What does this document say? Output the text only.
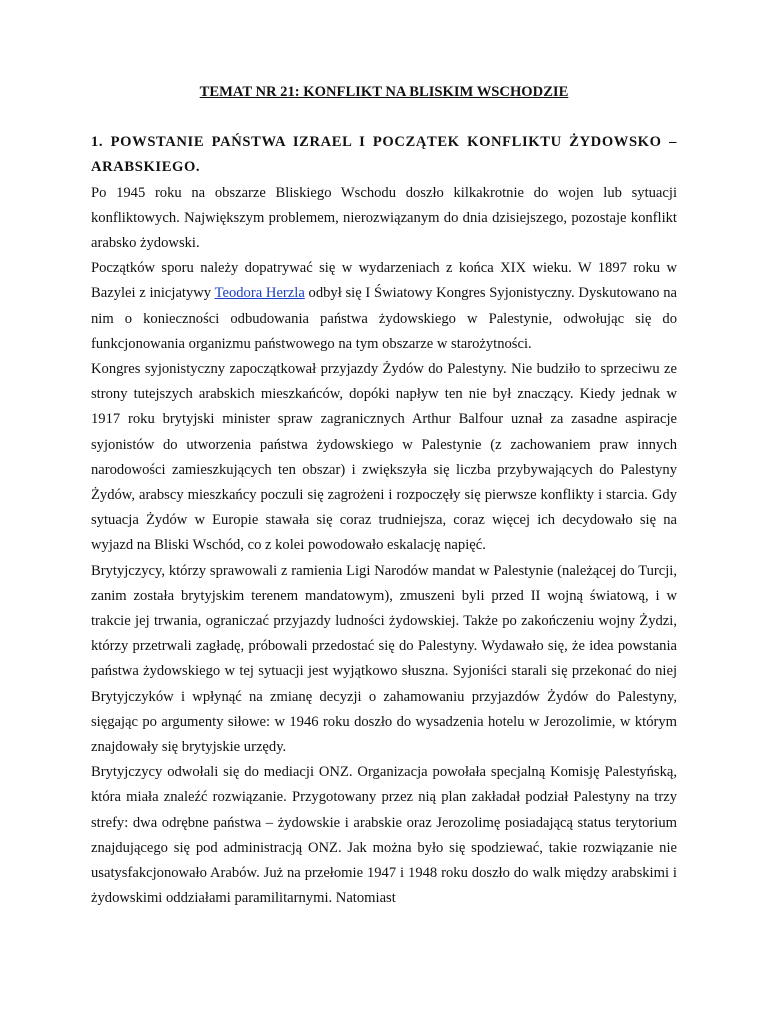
TEMAT NR 21: KONFLIKT NA BLISKIM WSCHODZIE
1. POWSTANIE PAŃSTWA IZRAEL I POCZĄTEK KONFLIKTU ŻYDOWSKO – ARABSKIEGO.

Po 1945 roku na obszarze Bliskiego Wschodu doszło kilkakrotnie do wojen lub sytuacji konfliktowych. Największym problemem, nierozwiązanym do dnia dzisiejszego, pozostaje konflikt arabsko żydowski.

Początków sporu należy dopatrywać się w wydarzeniach z końca XIX wieku. W 1897 roku w Bazylei z inicjatywy Teodora Herzla odbył się I Światowy Kongres Syjonistyczny. Dyskutowano na nim o konieczności odbudowania państwa żydowskiego w Palestynie, odwołując się do funkcjonowania organizmu państwowego na tym obszarze w starożytności.

Kongres syjonistyczny zapoczątkował przyjazdy Żydów do Palestyny. Nie budziło to sprzeciwu ze strony tutejszych arabskich mieszkańców, dopóki napływ ten nie był znaczący. Kiedy jednak w 1917 roku brytyjski minister spraw zagranicznych Arthur Balfour uznał za zasadne aspiracje syjonistów do utworzenia państwa żydowskiego w Palestynie (z zachowaniem praw innych narodowości zamieszkujących ten obszar) i zwiększyła się liczba przybywających do Palestyny Żydów, arabscy mieszkańcy poczuli się zagrożeni i rozpoczęły się pierwsze konflikty i starcia. Gdy sytuacja Żydów w Europie stawała się coraz trudniejsza, coraz więcej ich decydowało się na wyjazd na Bliski Wschód, co z kolei powodowało eskalację napięć.

Brytyjczycy, którzy sprawowali z ramienia Ligi Narodów mandat w Palestynie (należącej do Turcji, zanim została brytyjskim terenem mandatowym), zmuszeni byli przed II wojną światową, i w trakcie jej trwania, ograniczać przyjazdy ludności żydowskiej. Także po zakończeniu wojny Żydzi, którzy przetrwali zagładę, próbowali przedostać się do Palestyny. Wydawało się, że idea powstania państwa żydowskiego w tej sytuacji jest wyjątkowo słuszna. Syjoniści starali się przekonać do niej Brytyjczyków i wpłynąć na zmianę decyzji o zahamowaniu przyjazdów Żydów do Palestyny, sięgając po argumenty siłowe: w 1946 roku doszło do wysadzenia hotelu w Jerozolimie, w którym znajdowały się brytyjskie urzędy.

Brytyjczycy odwołali się do mediacji ONZ. Organizacja powołała specjalną Komisję Palestyńską, która miała znaleźć rozwiązanie. Przygotowany przez nią plan zakładał podział Palestyny na trzy strefy: dwa odrębne państwa – żydowskie i arabskie oraz Jerozolimę posiadającą status terytorium znajdującego się pod administracją ONZ. Jak można było się spodziewać, takie rozwiązanie nie usatysfakcjonowało Arabów. Już na przełomie 1947 i 1948 roku doszło do walk między arabskimi i żydowskimi oddziałami paramilitarnymi. Natomiast
